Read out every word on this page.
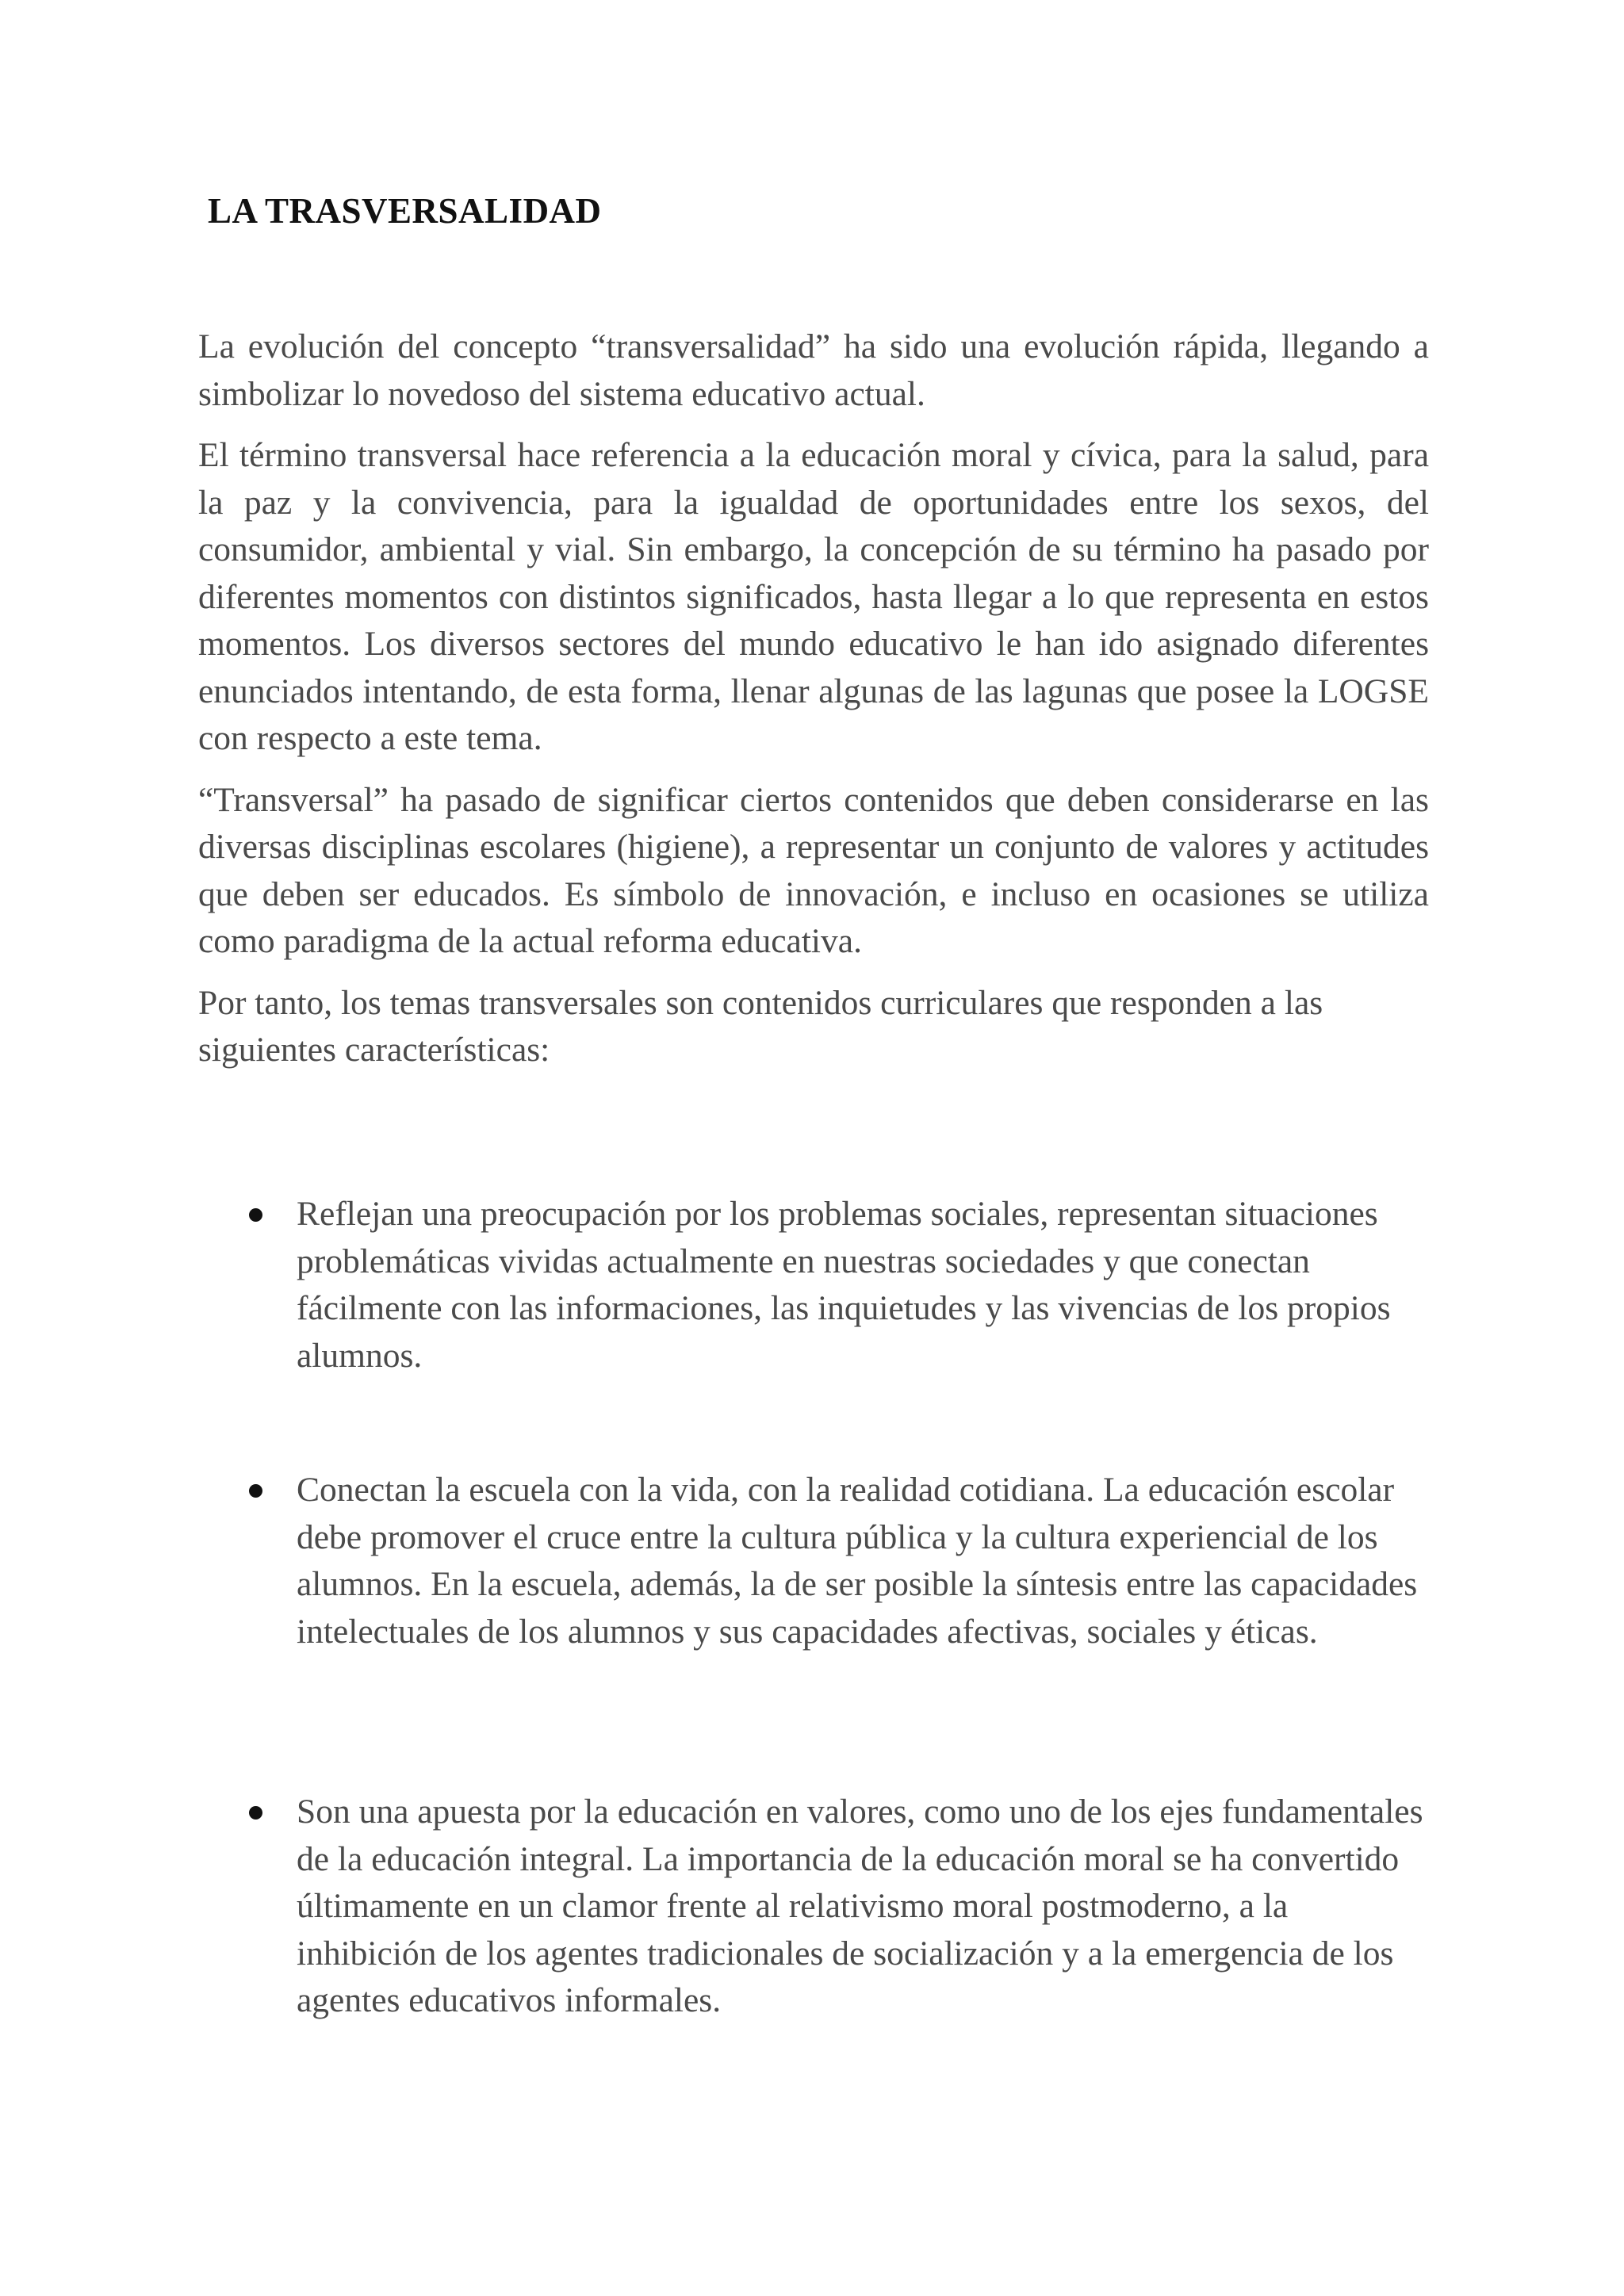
LA TRASVERSALIDAD

La evolución del concepto “transversalidad” ha sido una evolución rápida, llegando a simbolizar lo novedoso del sistema educativo actual.

El término transversal hace referencia a la educación moral y cívica, para la salud, para la paz y la convivencia, para la igualdad de oportunidades entre los sexos, del consumidor, ambiental y vial. Sin embargo, la concepción de su término ha pasado por diferentes momentos con distintos significados, hasta llegar a lo que representa en estos momentos. Los diversos sectores del mundo educativo le han ido asignado diferentes enunciados intentando, de esta forma, llenar algunas de las lagunas que posee la LOGSE con respecto a este tema.

“Transversal” ha pasado de significar ciertos contenidos que deben considerarse en las diversas disciplinas escolares (higiene), a representar un conjunto de valores y actitudes que deben ser educados. Es símbolo de innovación, e incluso en ocasiones se utiliza como paradigma de la actual reforma educativa.

Por tanto, los temas transversales son contenidos curriculares que responden a las siguientes características:

Reflejan una preocupación por los problemas sociales, representan situaciones problemáticas vividas actualmente en nuestras sociedades y que conectan fácilmente con las informaciones, las inquietudes y las vivencias de los propios alumnos.

Conectan la escuela con la vida, con la realidad cotidiana. La educación escolar debe promover el cruce entre la cultura pública y la cultura experiencial de los alumnos. En la escuela, además, la de ser posible la síntesis entre las capacidades intelectuales de los alumnos y sus capacidades afectivas, sociales y éticas.

Son una apuesta por la educación en valores, como uno de los ejes fundamentales de la educación integral. La importancia de la educación moral se ha convertido últimamente en un clamor frente al relativismo moral postmoderno, a la inhibición de los agentes tradicionales de socialización y a la emergencia de los agentes educativos informales.
